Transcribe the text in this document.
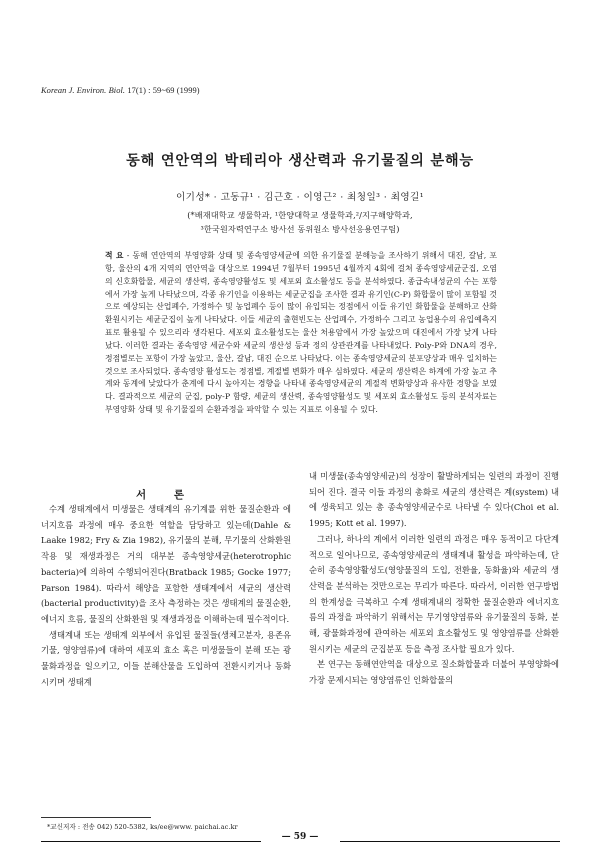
Korean J. Environ. Biol. 17(1) : 59~69 (1999)
동해 연안역의 박테리아 생산력과 유기물질의 분해능
이기성* · 고동규¹ · 김근호 · 이영근² · 최청일³ · 최영길¹
(*배재대학교 생물학과, ¹한양대학교 생물학과,²/지구해양학과,
³한국원자력연구소 방사선 동위원소 방사선응용연구팀)
적 요 - 동해 연안역의 부영양화 상태 및 종속영양세균에 의한 유기물질 분해능을 조사하기 위해서 대진, 갈남, 포항, 울산의 4개 지역의 연안역을 대상으로 1994년 7월부터 1995년 4월까지 4회에 걸쳐 종속영양세균군집, 오염의 신호화합물, 세균의 생산력, 종속영양활성도 및 세포외 효소활성도 등을 분석하였다. 종급속내성균의 수는 포항에서 가장 높게 나타났으며, 각종 유기인을 이용하는 세균군집을 조사한 결과 유기인(C-P) 화합물이 많이 포함될 것으로 예상되는 산업폐수, 가정하수 및 농업폐수 등이 많이 유입되는 정점에서 이들 유기인 화합물을 분해하고 산화환원시키는 세균군집이 높게 나타났다. 이들 세균의 출현빈도는 산업폐수, 가정하수 그리고 농업용수의 유입예측지표로 활용될 수 있으리라 생각된다. 세포외 효소활성도는 울산 처용암에서 가장 높았으며 대진에서 가장 낮게 나타났다. 이러한 결과는 종속영양 세균수와 세균의 생산성 등과 정의 상관관계를 나타내었다. Poly-P와 DNA의 경우, 정점별로는 포항이 가장 높았고, 울산, 갈남, 대진 순으로 나타났다. 이는 종속영양세균의 분포양상과 매우 일치하는 것으로 조사되었다. 종속영양 활성도는 정점별, 계절별 변화가 매우 심하였다. 세균의 생산력은 하계에 가장 높고 추계와 동계에 낮았다가 춘계에 다시 높아지는 경향을 나타내 종속영양세균의 계절적 변화양상과 유사한 경향을 보였다. 결과적으로 세균의 군집, poly-P 함량, 세균의 생산력, 종속영양활성도 및 세포외 효소활성도 등의 분석자료는 부영양화 상태 및 유기물질의 순환과정을 파악할 수 있는 지표로 이용될 수 있다.
서 론

수계 생태계에서 미생물은 생태계의 유기계를 위한 물질순환과 에너지흐름 과정에 매우 중요한 역할을 담당하고 있는데(Dahle & Laake 1982; Fry & Zia 1982), 유기물의 분해, 무기물의 산화환원작용 및 재생과정은 거의 대부분 종속영양세균(heterotrophic bacteria)에 의하여 수행되어진다(Bratback 1985; Gocke 1977; Parson 1984). 따라서 해양을 포함한 생태계에서 세균의 생산력(bacterial productivity)을 조사 측정하는 것은 생태계의 물질순환, 에너지 흐름, 물질의 산화환원 및 재생과정을 이해하는데 필수적이다.

생태계내 또는 생태계 외부에서 유입된 물질들(생체고분자, 용존유기물, 영양염류)에 대하여 세포외 효소 혹은 미생물들이 분해 또는 광물화과정을 일으키고, 이들 분해산물을 도입하여 전환시키거나 동화시키며 생태계

내 미생물(종속영양세균)의 성장이 활발하게되는 일련의 과정이 진행되어 진다. 결국 이들 과정의 총화로 세균의 생산력은 계(system) 내에 생육되고 있는 총 종속영양세균수로 나타낼 수 있다(Choi et al. 1995; Kott et al. 1997).

그러나, 하나의 계에서 이러한 일련의 과정은 매우 동적이고 다단계적으로 일어나므로, 종속영양세균의 생태계내 활성을 파악하는데, 단순히 종속영양활성도(영양물질의 도입, 전환율, 동화율)와 세균의 생산력을 분석하는 것만으로는 무리가 따른다. 따라서, 이러한 연구방법의 한계성을 극복하고 수계 생태계내의 정확한 물질순환과 에너지흐름의 과정을 파악하기 위해서는 무기영양염류와 유기물질의 동화, 분해, 광물화과정에 관여하는 세포외 효소활성도 및 영양염류를 산화환원시키는 세균의 군집분포 등을 측정 조사할 필요가 있다.

본 연구는 동해연안역을 대상으로 질소화합물과 더불어 부영양화에 가장 문제시되는 영양염류인 인화합물의

*교신저자 : 전송 042) 520-5382, ks/ee@www. paichai.ac.kr
— 59 —
